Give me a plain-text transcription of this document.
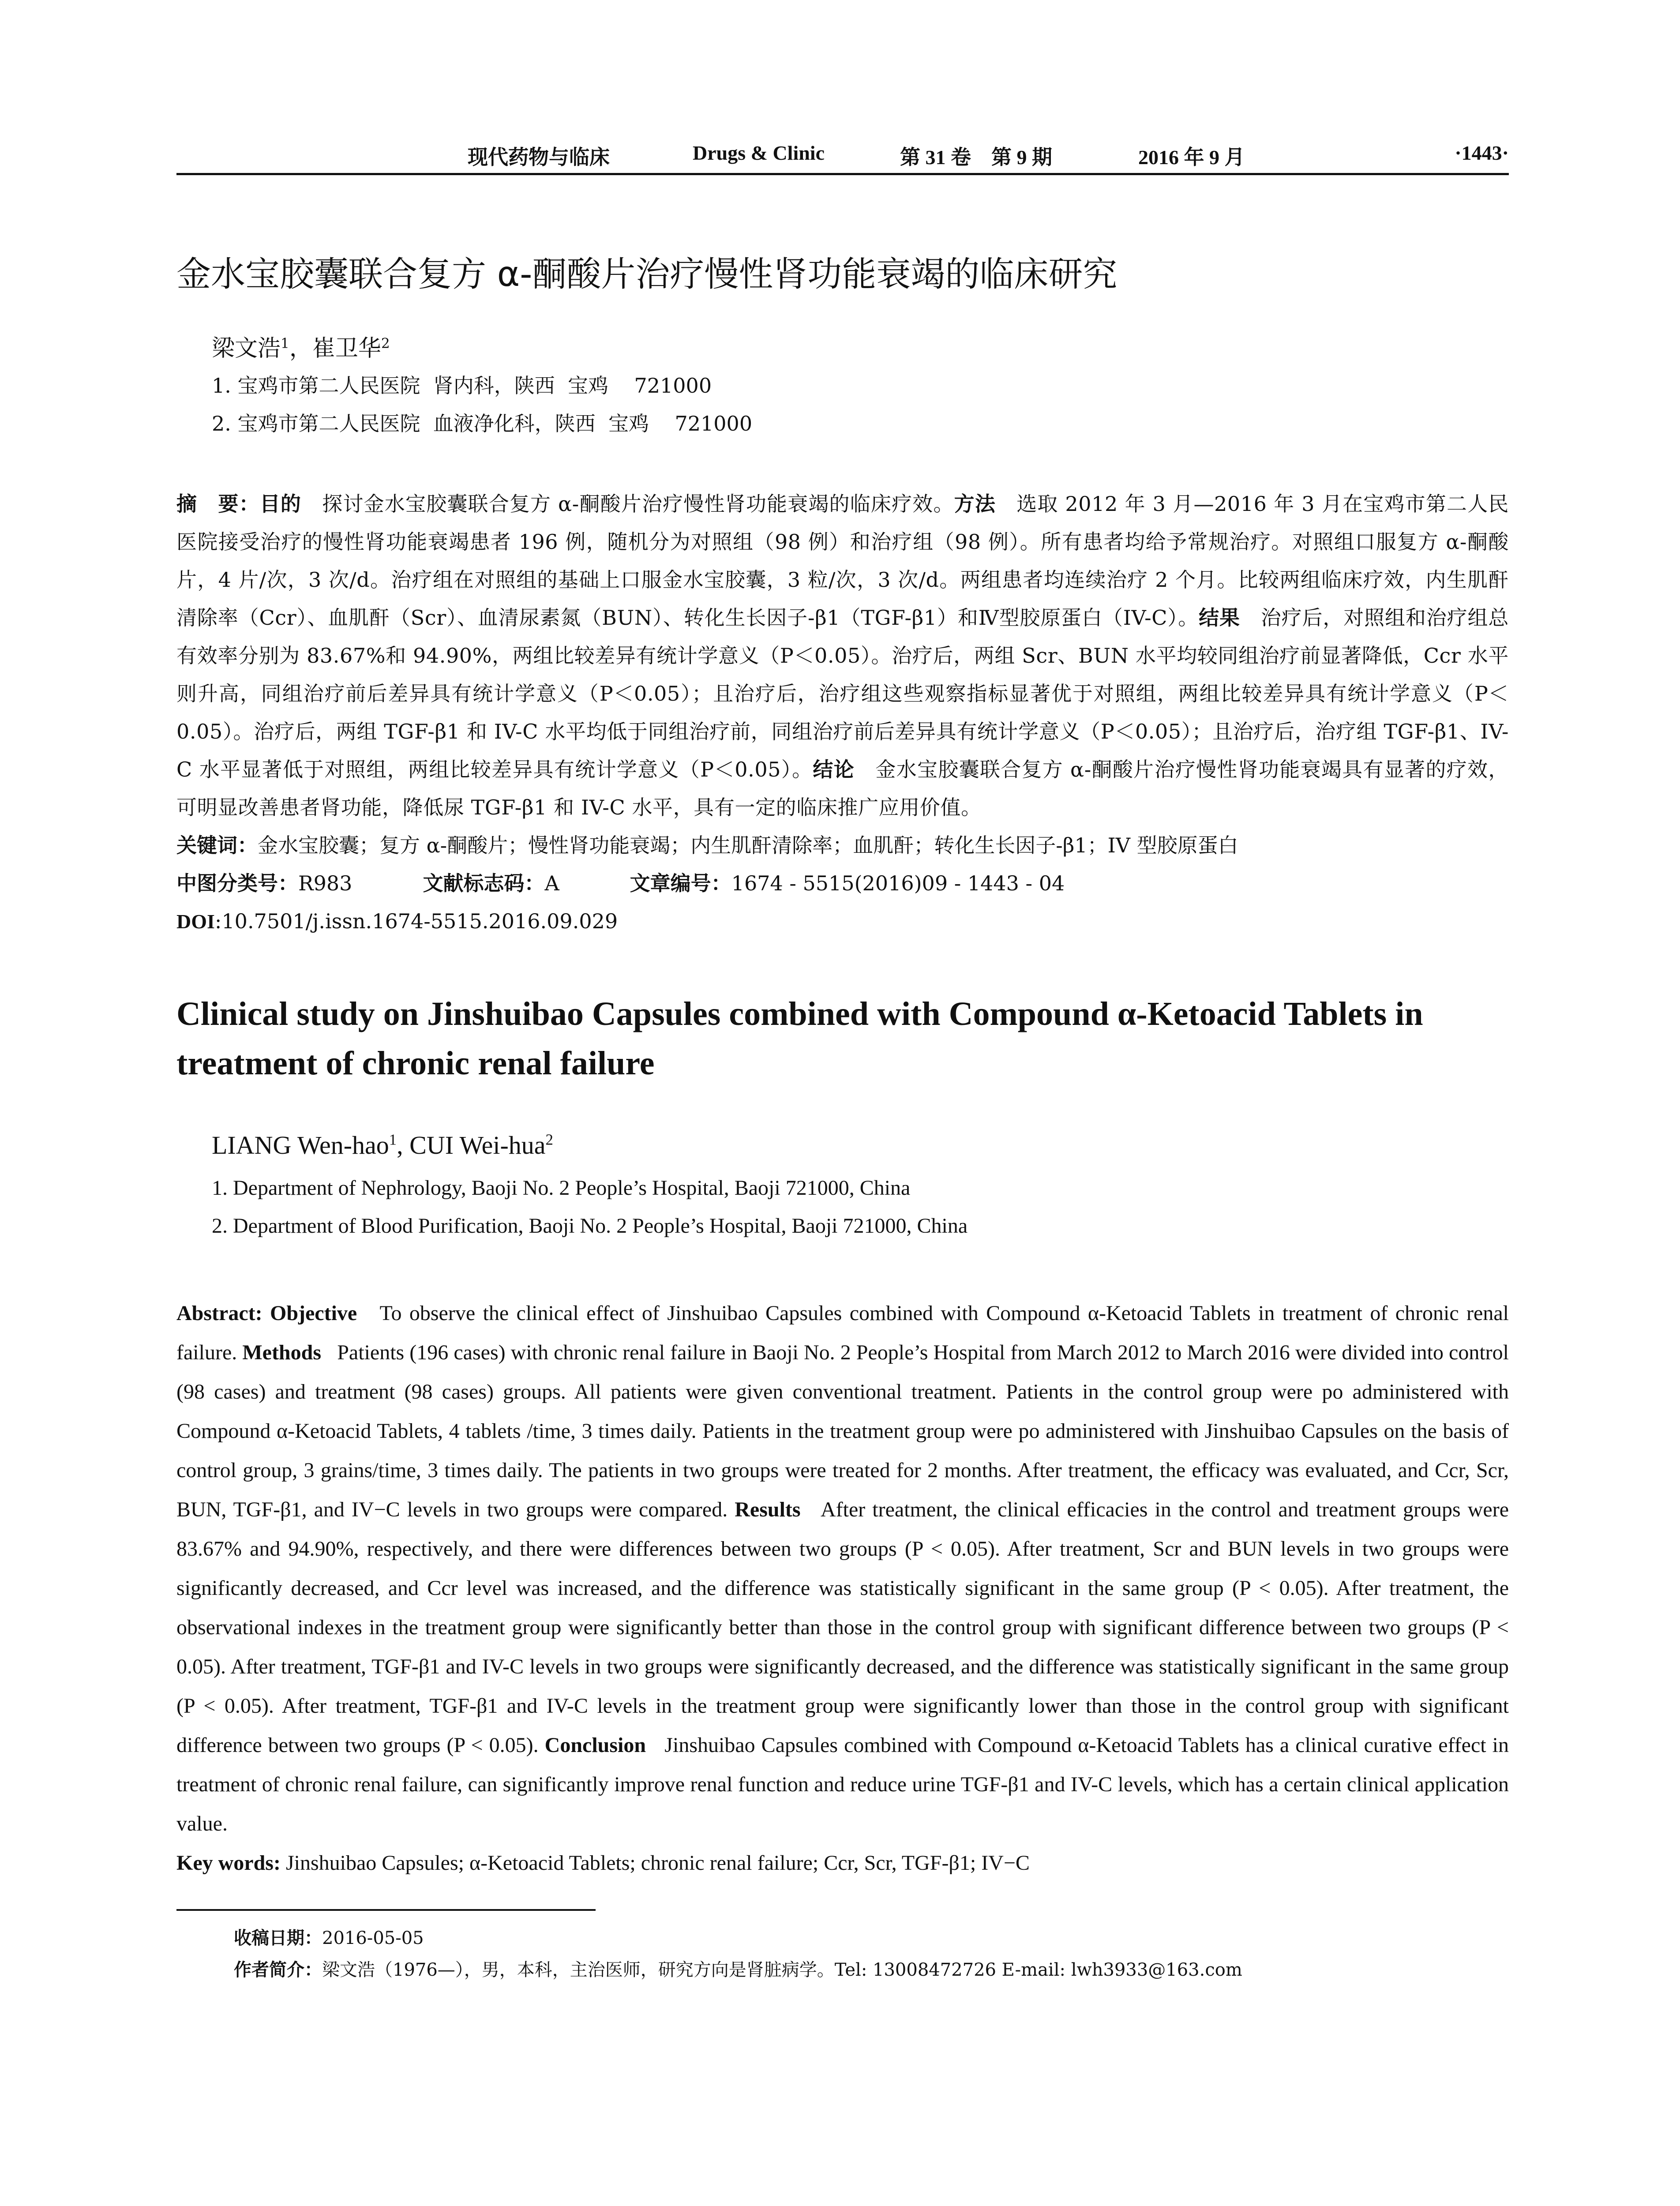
现代药物与临床	Drugs & Clinic	第 31 卷　第 9 期	2016 年 9 月	·1443·
金水宝胶囊联合复方 α-酮酸片治疗慢性肾功能衰竭的临床研究
梁文浩$^1$，崔卫华$^2$
1. 宝鸡市第二人民医院  肾内科，陕西  宝鸡    721000
2. 宝鸡市第二人民医院  血液净化科，陕西  宝鸡    721000
摘　要：目的　 探讨金水宝胶囊联合复方 α-酮酸片治疗慢性肾功能衰竭的临床疗效。方法　 选取 2012 年 3 月—2016 年 3 月在宝鸡市第二人民医院接受治疗的慢性肾功能衰竭患者 196 例，随机分为对照组（98 例）和治疗组（98 例）。所有患者均给予常规治疗。对照组口服复方 α-酮酸片，4 片/次，3 次/d。治疗组在对照组的基础上口服金水宝胶囊，3 粒/次，3 次/d。两组患者均连续治疗 2 个月。比较两组临床疗效，内生肌酐清除率（Ccr）、血肌酐（Scr）、血清尿素氮（BUN）、转化生长因子-β1（TGF-β1）和Ⅳ型胶原蛋白（IV-C）。结果　 治疗后，对照组和治疗组总有效率分别为 83.67%和 94.90%，两组比较差异有统计学意义（P＜0.05）。治疗后，两组 Scr、BUN 水平均较同组治疗前显著降低，Ccr 水平则升高，同组治疗前后差异具有统计学意义（P＜0.05）；且治疗后，治疗组这些观察指标显著优于对照组，两组比较差异具有统计学意义（P＜0.05）。治疗后，两组 TGF-β1 和 IV-C 水平均低于同组治疗前，同组治疗前后差异具有统计学意义（P＜0.05）；且治疗后，治疗组 TGF-β1、IV-C 水平显著低于对照组，两组比较差异具有统计学意义（P＜0.05）。结论　 金水宝胶囊联合复方 α-酮酸片治疗慢性肾功能衰竭具有显著的疗效，可明显改善患者肾功能，降低尿 TGF-β1 和 IV-C 水平，具有一定的临床推广应用价值。
关键词：金水宝胶囊；复方 α-酮酸片；慢性肾功能衰竭；内生肌酐清除率；血肌酐；转化生长因子-β1；IV 型胶原蛋白
中图分类号：R983	文献标志码：A	文章编号：1674 - 5515(2016)09 - 1443 - 04
DOI:10.7501/j.issn.1674-5515.2016.09.029
Clinical study on Jinshuibao Capsules combined with Compound α-Ketoacid Tablets in treatment of chronic renal failure
LIANG Wen-hao$^1$, CUI Wei-hua$^2$
1. Department of Nephrology, Baoji No. 2 People’s Hospital, Baoji 721000, China
2. Department of Blood Purification, Baoji No. 2 People’s Hospital, Baoji 721000, China
Abstract: Objective To observe the clinical effect of Jinshuibao Capsules combined with Compound α-Ketoacid Tablets in treatment of chronic renal failure. Methods Patients (196 cases) with chronic renal failure in Baoji No. 2 People’s Hospital from March 2012 to March 2016 were divided into control (98 cases) and treatment (98 cases) groups. All patients were given conventional treatment. Patients in the control group were po administered with Compound α-Ketoacid Tablets, 4 tablets /time, 3 times daily. Patients in the treatment group were po administered with Jinshuibao Capsules on the basis of control group, 3 grains/time, 3 times daily. The patients in two groups were treated for 2 months. After treatment, the efficacy was evaluated, and Ccr, Scr, BUN, TGF-β1, and IV−C levels in two groups were compared. Results After treatment, the clinical efficacies in the control and treatment groups were 83.67% and 94.90%, respectively, and there were differences between two groups (P < 0.05). After treatment, Scr and BUN levels in two groups were significantly decreased, and Ccr level was increased, and the difference was statistically significant in the same group (P < 0.05). After treatment, the observational indexes in the treatment group were significantly better than those in the control group with significant difference between two groups (P < 0.05). After treatment, TGF-β1 and IV-C levels in two groups were significantly decreased, and the difference was statistically significant in the same group (P < 0.05). After treatment, TGF-β1 and IV-C levels in the treatment group were significantly lower than those in the control group with significant difference between two groups (P < 0.05). Conclusion Jinshuibao Capsules combined with Compound α-Ketoacid Tablets has a clinical curative effect in treatment of chronic renal failure, can significantly improve renal function and reduce urine TGF-β1 and IV-C levels, which has a certain clinical application value.
Key words: Jinshuibao Capsules; α-Ketoacid Tablets; chronic renal failure; Ccr, Scr, TGF-β1; IV−C
收稿日期：2016-05-05
作者简介：梁文浩（1976—），男，本科，主治医师，研究方向是肾脏病学。Tel: 13008472726 E-mail: lwh3933@163.com
